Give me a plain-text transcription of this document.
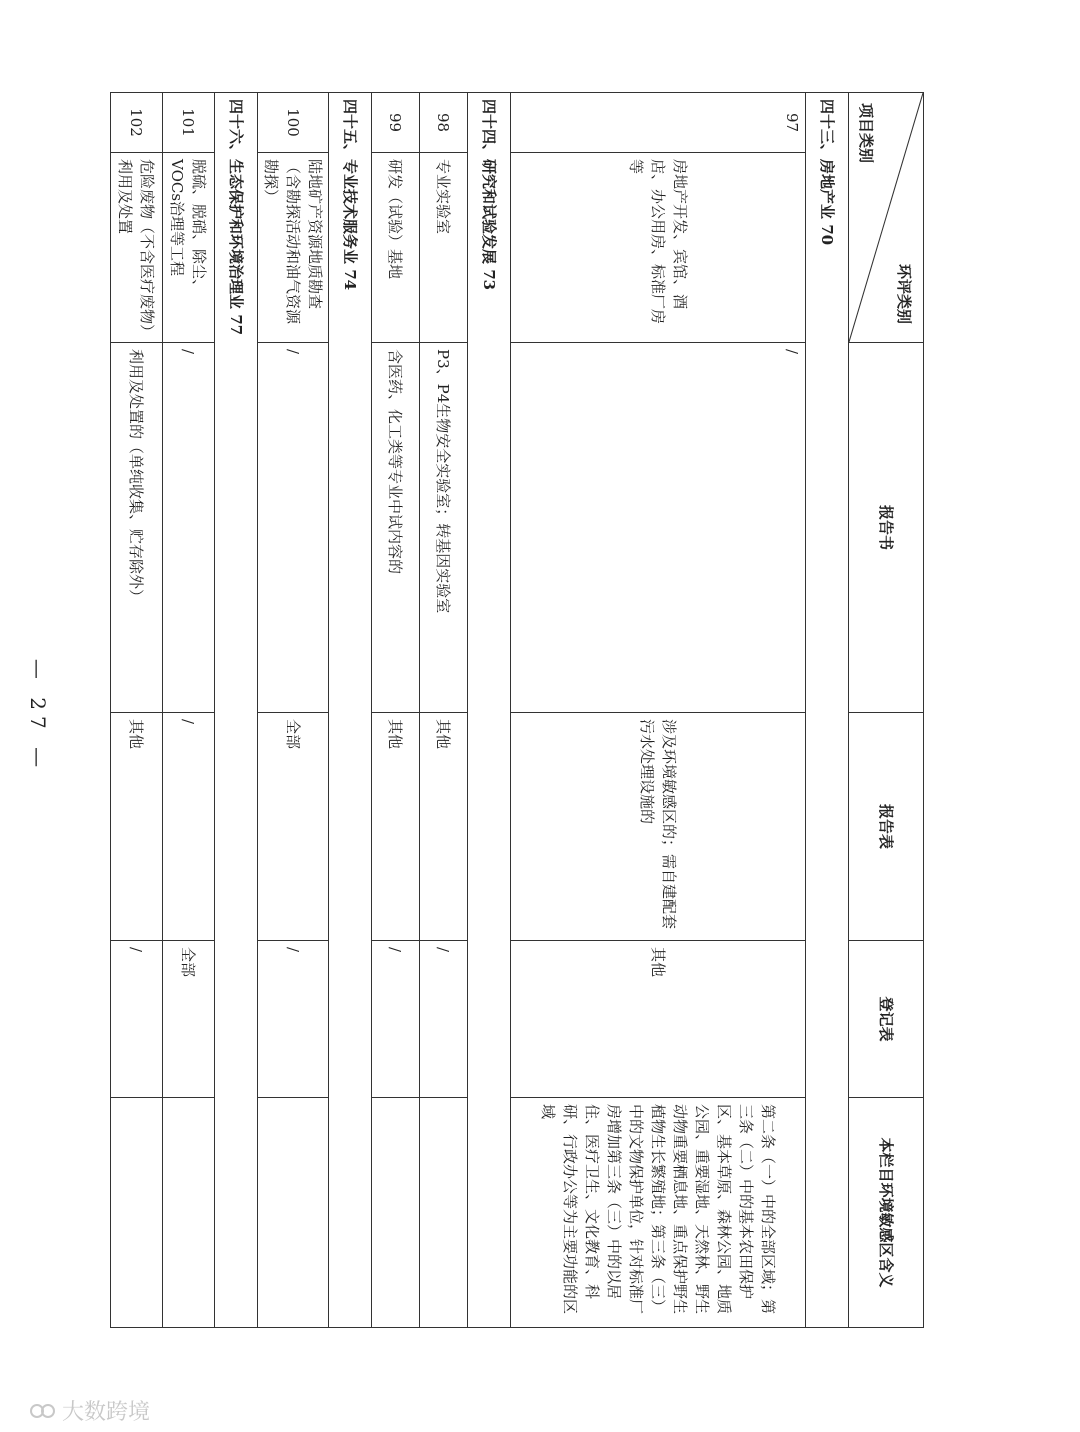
环评类别
项目类别		报告书	报告表	登记表	本栏目环境敏感区含义
四十三、房地产业 70					
97	房地产开发、宾馆、酒店、办公用房、标准厂房等	/	涉及环境敏感区的；需自建配套污水处理设施的	其他	第二条（一）中的全部区域；第三条（二）中的基本农田保护区、基本草原、森林公园、地质公园、重要湿地、天然林、野生动物重要栖息地、重点保护野生植物生长繁殖地；第三条（三）中的文物保护单位，针对标准厂房增加第三条（三）中的以居住、医疗卫生、文化教育、科研、行政办公等为主要功能的区域
四十四、研究和试验发展 73					
98	专业实验室	P3、P4生物安全实验室；转基因实验室	其他	/	
99	研发（试验）基地	含医药、化工类等专业中试内容的	其他	/	
四十五、专业技术服务业 74					
100	陆地矿产资源地质勘查（含勘探活动和油气资源勘探）	/	全部	/	
四十六、生态保护和环境治理业 77					
101	脱硫、脱硝、除尘、VOCs治理等工程	/	/	全部	
102	危险废物（不含医疗废物）利用及处置	利用及处置的（单纯收集、贮存除外）	其他	/	
— 27 —
大数跨境
